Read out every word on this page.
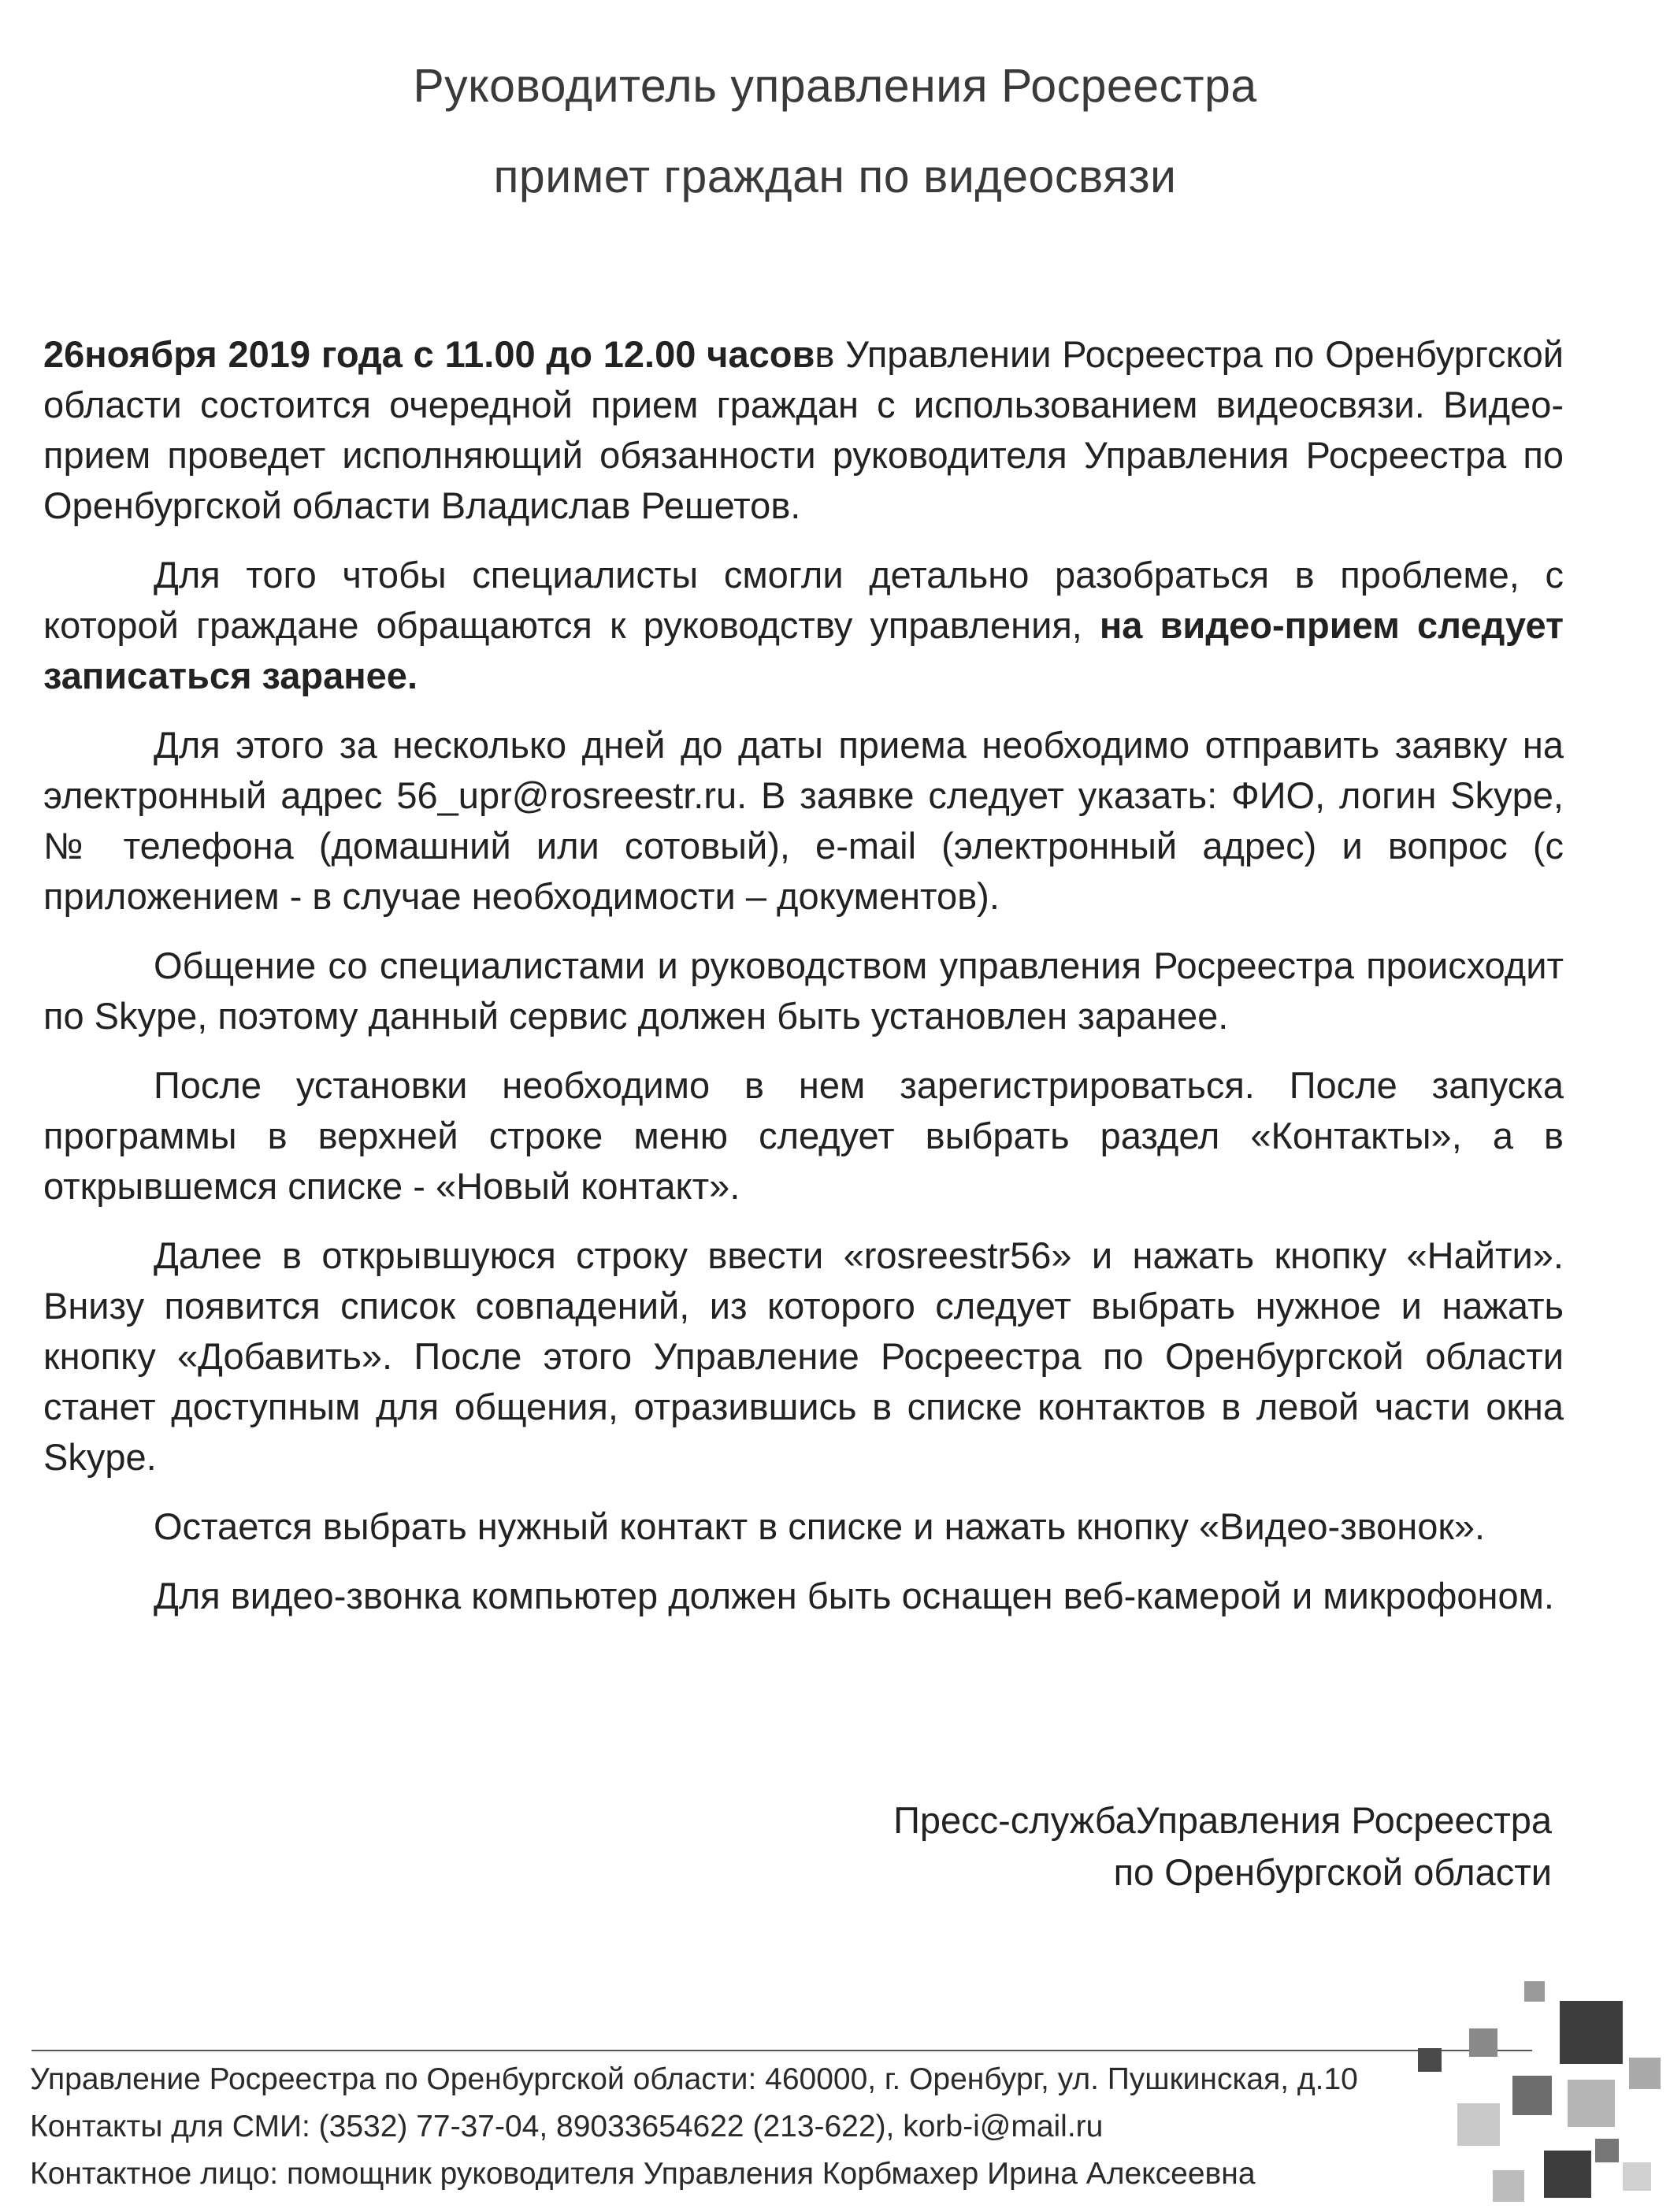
Руководитель управления Росреестра
примет граждан по видеосвязи

26ноября 2019 года с 11.00 до 12.00 часовв Управлении Росреестра по Оренбургской области состоится очередной прием граждан с использованием видеосвязи. Видео-прием проведет исполняющий обязанности руководителя Управления Росреестра по Оренбургской области Владислав Решетов.

Для того чтобы специалисты смогли детально разобраться в проблеме, с которой граждане обращаются к руководству управления, на видео-прием следует записаться заранее.

Для этого за несколько дней до даты приема необходимо отправить заявку на электронный адрес 56_upr@rosreestr.ru. В заявке следует указать: ФИО, логин Skype, № телефона (домашний или сотовый), e-mail (электронный адрес) и вопрос (с приложением - в случае необходимости – документов).

Общение со специалистами и руководством управления Росреестра происходит по Skype, поэтому данный сервис должен быть установлен заранее.

После установки необходимо в нем зарегистрироваться. После запуска программы в верхней строке меню следует выбрать раздел «Контакты», а в открывшемся списке - «Новый контакт».

Далее в открывшуюся строку ввести «rosreestr56» и нажать кнопку «Найти». Внизу появится список совпадений, из которого следует выбрать нужное и нажать кнопку «Добавить». После этого Управление Росреестра по Оренбургской области станет доступным для общения, отразившись в списке контактов в левой части окна Skype.

Остается выбрать нужный контакт в списке и нажать кнопку «Видео-звонок».

Для видео-звонка компьютер должен быть оснащен веб-камерой и микрофоном.

Пресс-службаУправления Росреестра
по Оренбургской области
Управление Росреестра по Оренбургской области: 460000, г. Оренбург, ул. Пушкинская, д.10
Контакты для СМИ: (3532) 77-37-04, 89033654622 (213-622), korb-i@mail.ru
Контактное лицо: помощник руководителя Управления Корбмахер Ирина Алексеевна
